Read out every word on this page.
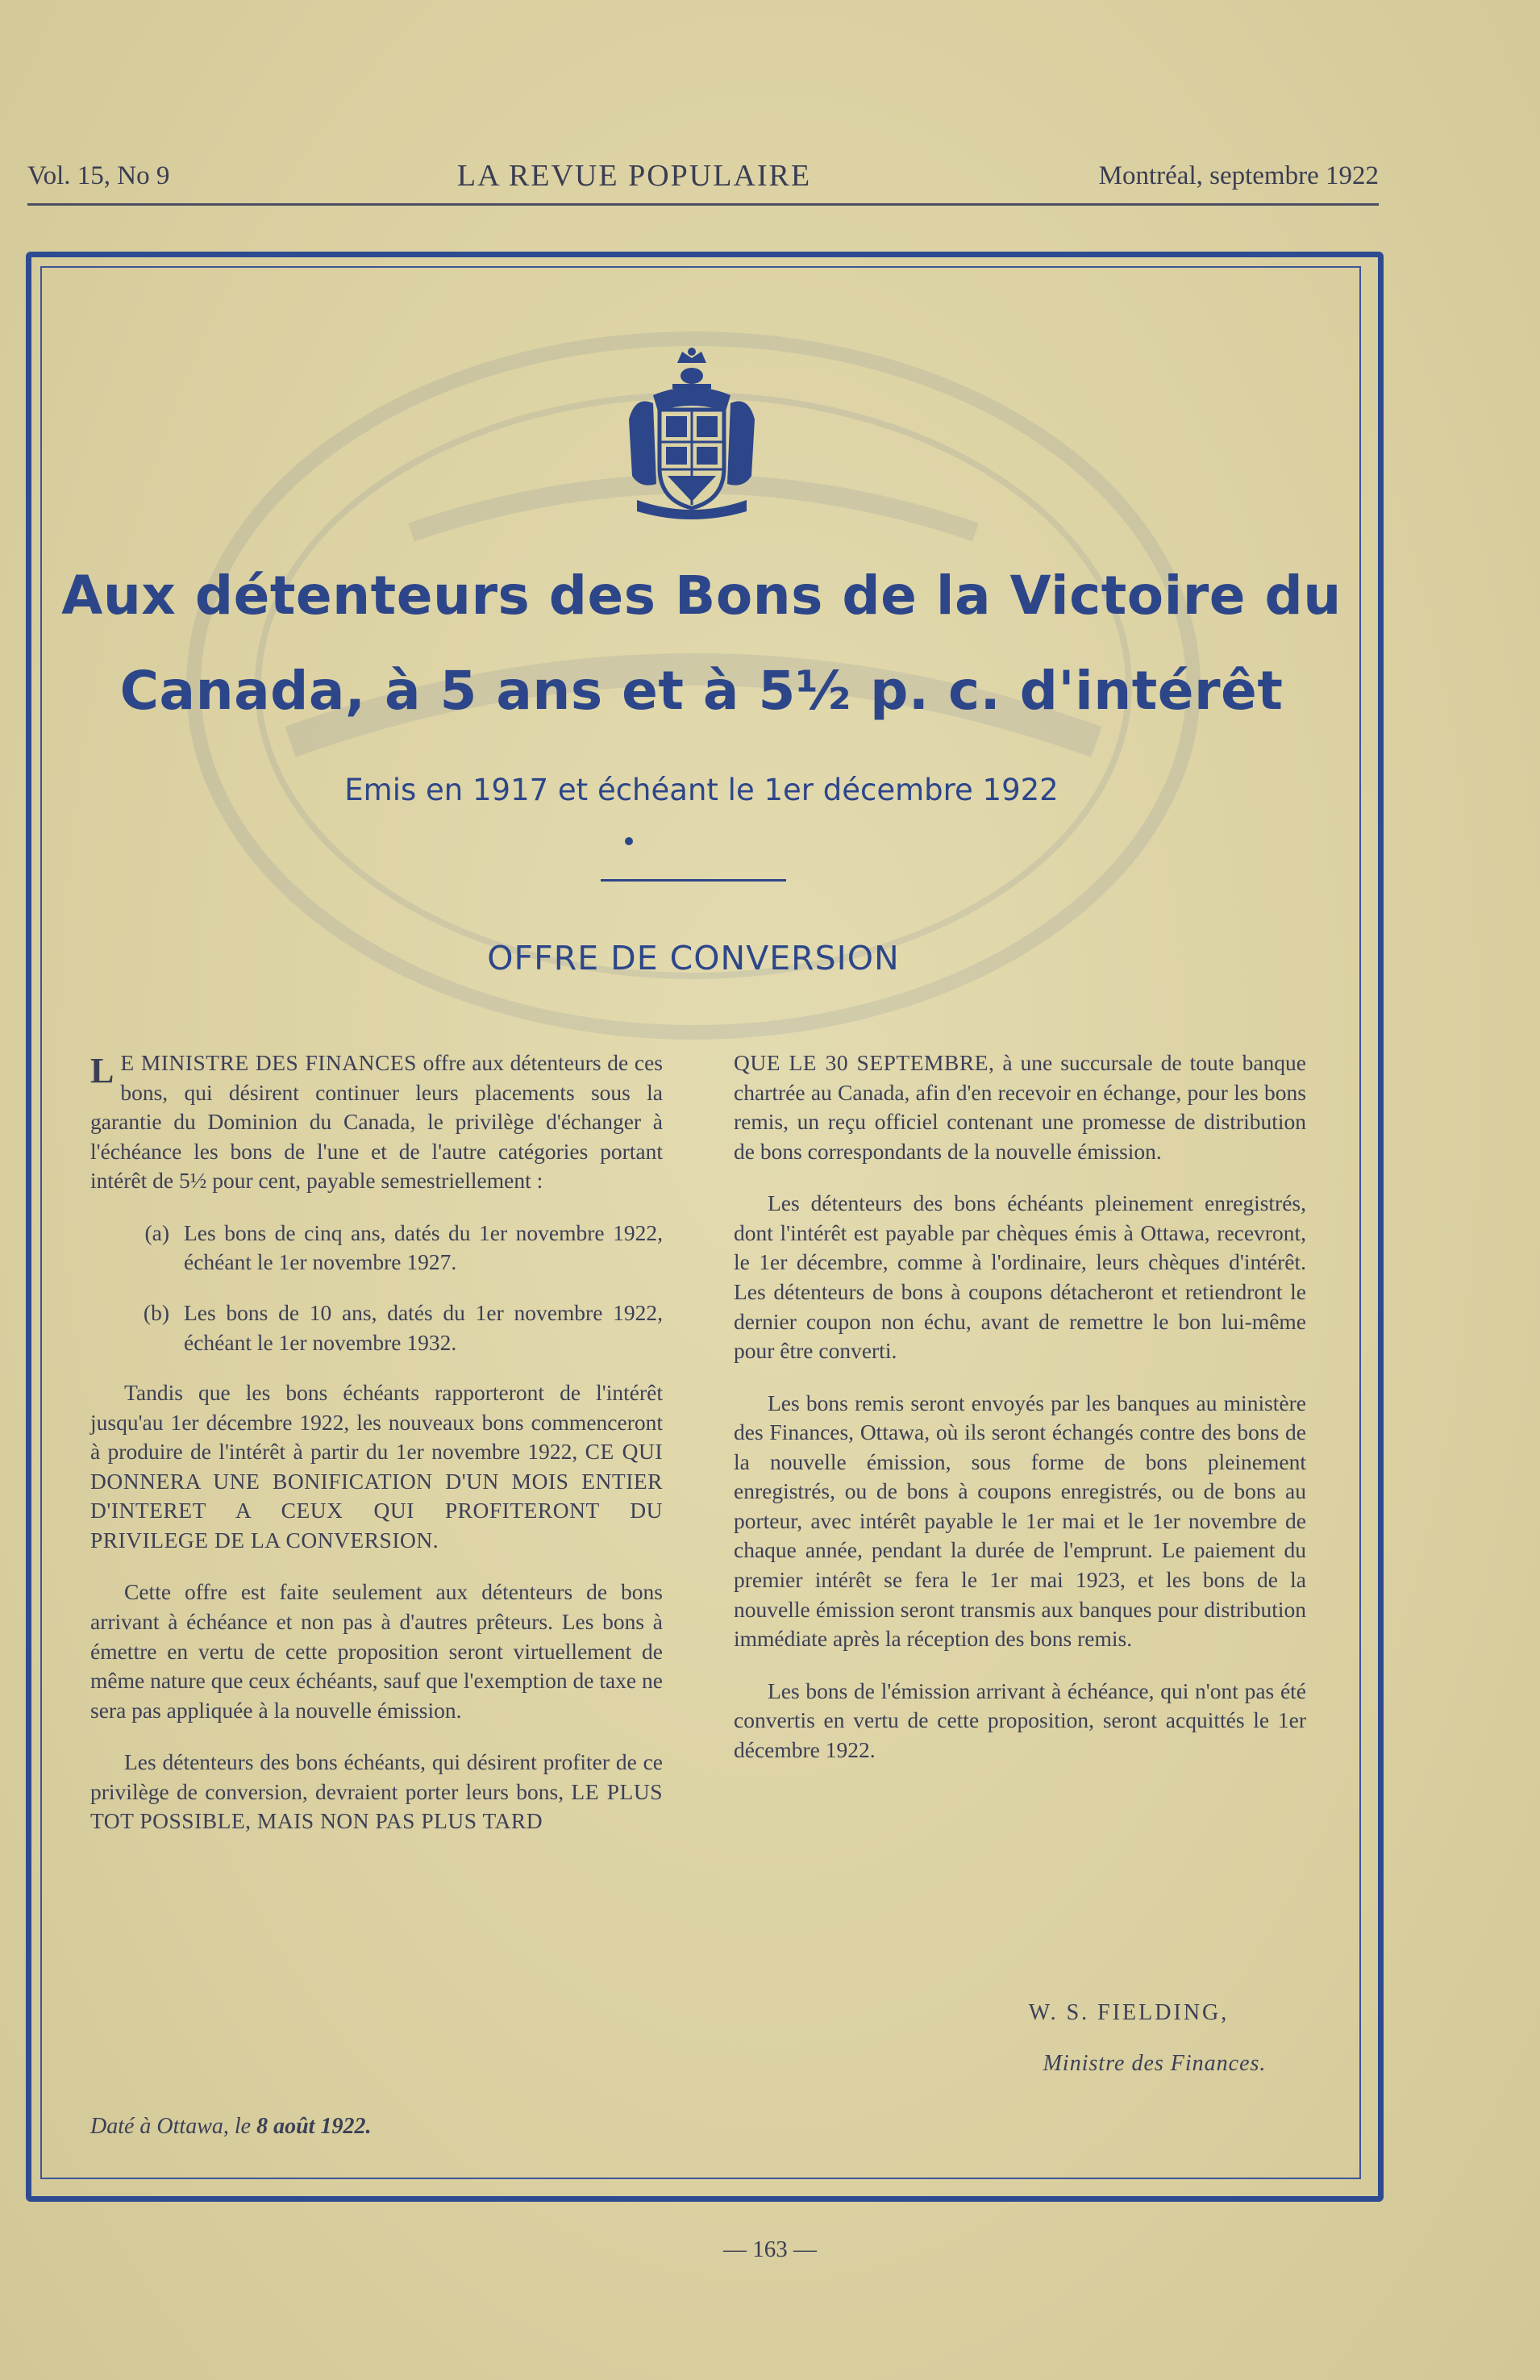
Vol. 15, No 9	LA REVUE POPULAIRE	Montréal, septembre 1922
Aux détenteurs des Bons de la Victoire du
Canada, à 5 ans et à 5½ p. c. d'intérêt
Emis en 1917 et échéant le 1er décembre 1922
OFFRE DE CONVERSION

L E MINISTRE DES FINANCES offre aux détenteurs de ces bons, qui désirent continuer leurs placements sous la garantie du Dominion du Canada, le privilège d'échanger à l'échéance les bons de l'une et de l'autre catégories portant intérêt de 5½ pour cent, payable semestriellement :

(a) Les bons de cinq ans, datés du 1er novembre 1922, échéant le 1er novembre 1927.
(b) Les bons de 10 ans, datés du 1er novembre 1922, échéant le 1er novembre 1932.

Tandis que les bons échéants rapporteront de l'intérêt jusqu'au 1er décembre 1922, les nouveaux bons commenceront à produire de l'intérêt à partir du 1er novembre 1922, CE QUI DONNERA UNE BONIFICATION D'UN MOIS ENTIER D'INTERET A CEUX QUI PROFITERONT DU PRIVILEGE DE LA CONVERSION.

Cette offre est faite seulement aux détenteurs de bons arrivant à échéance et non pas à d'autres prêteurs. Les bons à émettre en vertu de cette proposition seront virtuellement de même nature que ceux échéants, sauf que l'exemption de taxe ne sera pas appliquée à la nouvelle émission.

Les détenteurs des bons échéants, qui désirent profiter de ce privilège de conversion, devraient porter leurs bons, LE PLUS TOT POSSIBLE, MAIS NON PAS PLUS TARD

QUE LE 30 SEPTEMBRE, à une succursale de toute banque chartrée au Canada, afin d'en recevoir en échange, pour les bons remis, un reçu officiel contenant une promesse de distribution de bons correspondants de la nouvelle émission.

Les détenteurs des bons échéants pleinement enregistrés, dont l'intérêt est payable par chèques émis à Ottawa, recevront, le 1er décembre, comme à l'ordinaire, leurs chèques d'intérêt. Les détenteurs de bons à coupons détacheront et retiendront le dernier coupon non échu, avant de remettre le bon lui-même pour être converti.

Les bons remis seront envoyés par les banques au ministère des Finances, Ottawa, où ils seront échangés contre des bons de la nouvelle émission, sous forme de bons pleinement enregistrés, ou de bons à coupons enregistrés, ou de bons au porteur, avec intérêt payable le 1er mai et le 1er novembre de chaque année, pendant la durée de l'emprunt. Le paiement du premier intérêt se fera le 1er mai 1923, et les bons de la nouvelle émission seront transmis aux banques pour distribution immédiate après la réception des bons remis.

Les bons de l'émission arrivant à échéance, qui n'ont pas été convertis en vertu de cette proposition, seront acquittés le 1er décembre 1922.

W. S. FIELDING,
Ministre des Finances.
Daté à Ottawa, le 8 août 1922.
— 163 —
